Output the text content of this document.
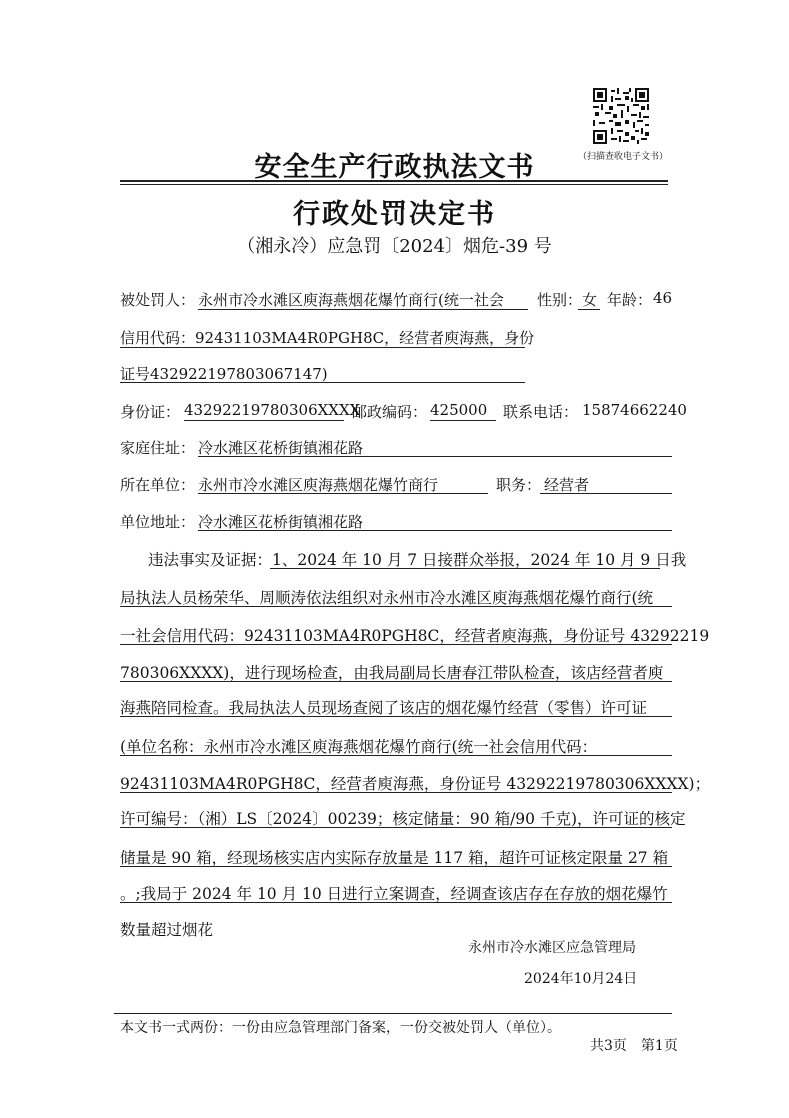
（扫描查收电子文书）
安全生产行政执法文书
行政处罚决定书
（湘永冷）应急罚〔2024〕烟危-39 号
被处罚人： 永州市冷水滩区庾海燕烟花爆竹商行(统一社会 性别： 女 年龄： 46
信用代码：92431103MA4R0PGH8C，经营者庾海燕，身份
证号432922197803067147)
身份证： 43292219780306XXXX
邮政编码： 425000 联系电话： 15874662240
家庭住址： 冷水滩区花桥街镇湘花路
所在单位： 永州市冷水滩区庾海燕烟花爆竹商行	职务： 经营者
单位地址： 冷水滩区花桥街镇湘花路
违法事实及证据：1、2024 年 10 月 7 日接群众举报，2024 年 10 月 9 日我
局执法人员杨荣华、周顺涛依法组织对永州市冷水滩区庾海燕烟花爆竹商行(统
一社会信用代码：92431103MA4R0PGH8C，经营者庾海燕，身份证号 43292219
780306XXXX)，进行现场检查，由我局副局长唐春江带队检查，该店经营者庾
海燕陪同检查。我局执法人员现场查阅了该店的烟花爆竹经营（零售）许可证
(单位名称：永州市冷水滩区庾海燕烟花爆竹商行(统一社会信用代码：
92431103MA4R0PGH8C，经营者庾海燕，身份证号 43292219780306XXXX)；
许可编号：（湘）LS〔2024〕00239；核定储量：90 箱/90 千克)，许可证的核定
储量是 90 箱，经现场核实店内实际存放量是 117 箱，超许可证核定限量 27 箱
。;我局于 2024 年 10 月 10 日进行立案调查，经调查该店存在存放的烟花爆竹
数量超过烟花
永州市冷水滩区应急管理局
2024年10月24日
本文书一式两份：一份由应急管理部门备案，一份交被处罚人（单位）。
共3页　第1页
